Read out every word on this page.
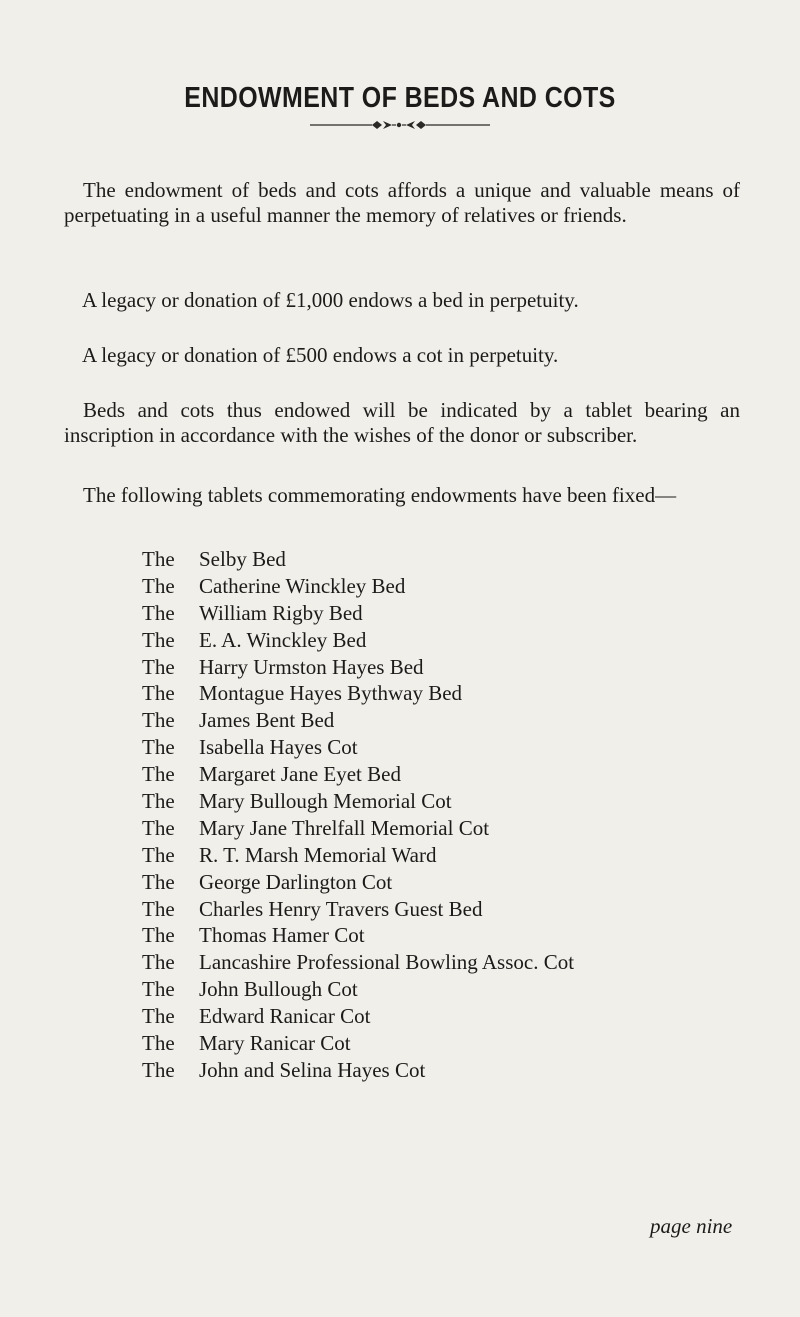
ENDOWMENT OF BEDS AND COTS

The endowment of beds and cots affords a unique and valuable means of perpetuating in a useful manner the memory of relatives or friends.

A legacy or donation of £1,000 endows a bed in perpetuity.

A legacy or donation of £500 endows a cot in perpetuity.

Beds and cots thus endowed will be indicated by a tablet bearing an inscription in accordance with the wishes of the donor or subscriber.

The following tablets commemorating endowments have been fixed—

The Selby Bed
The Catherine Winckley Bed
The William Rigby Bed
The E. A. Winckley Bed
The Harry Urmston Hayes Bed
The Montague Hayes Bythway Bed
The James Bent Bed
The Isabella Hayes Cot
The Margaret Jane Eyet Bed
The Mary Bullough Memorial Cot
The Mary Jane Threlfall Memorial Cot
The R. T. Marsh Memorial Ward
The George Darlington Cot
The Charles Henry Travers Guest Bed
The Thomas Hamer Cot
The Lancashire Professional Bowling Assoc. Cot
The John Bullough Cot
The Edward Ranicar Cot
The Mary Ranicar Cot
The John and Selina Hayes Cot
page nine
